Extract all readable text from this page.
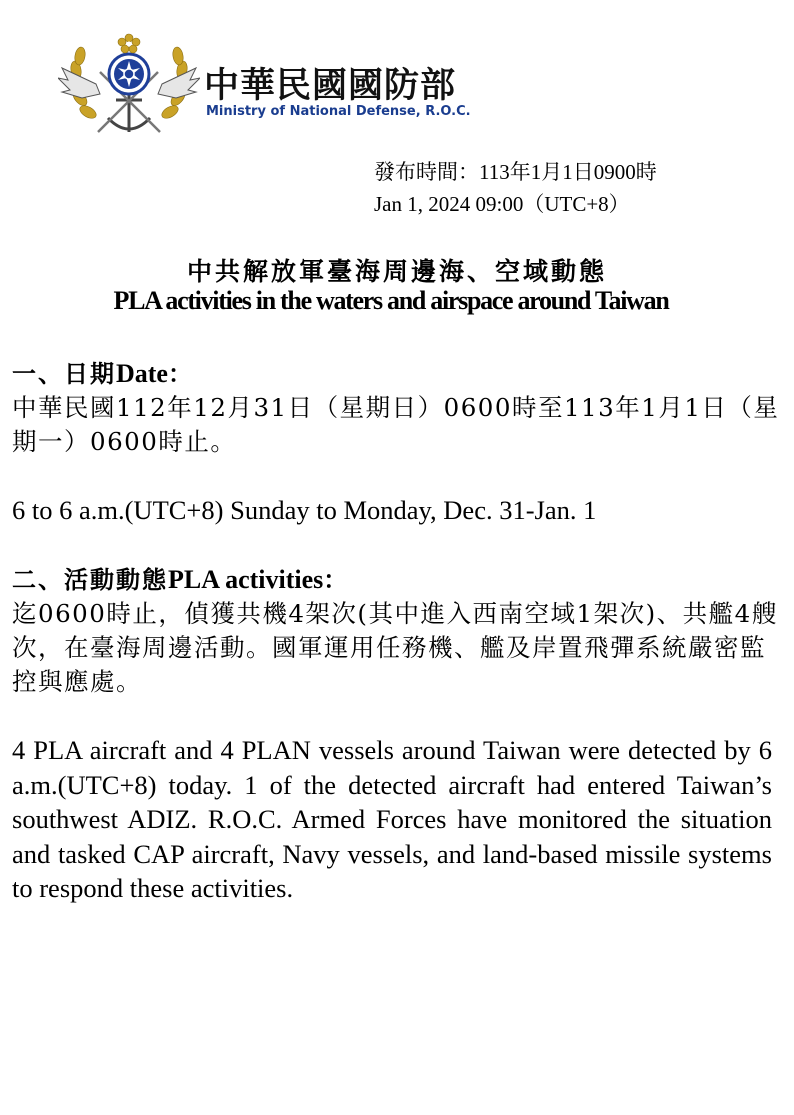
中華民國國防部
Ministry of National Defense, R.O.C.
發布時間：113年1月1日0900時
Jan 1, 2024 09:00（UTC+8）
中共解放軍臺海周邊海、空域動態
PLA activities in the waters and airspace around Taiwan
一、日期Date：
中華民國112年12月31日（星期日）0600時至113年1月1日（星期一）0600時止。
6 to 6 a.m.(UTC+8) Sunday to Monday, Dec. 31-Jan. 1
二、活動動態PLA activities：
迄0600時止，偵獲共機4架次(其中進入西南空域1架次)、共艦4艘次，在臺海周邊活動。國軍運用任務機、艦及岸置飛彈系統嚴密監控與應處。
4 PLA aircraft and 4 PLAN vessels around Taiwan were detected by 6 a.m.(UTC+8) today. 1 of the detected aircraft had entered Taiwan’s southwest ADIZ. R.O.C. Armed Forces have monitored the situation and tasked CAP aircraft, Navy vessels, and land-based missile systems to respond these activities.
